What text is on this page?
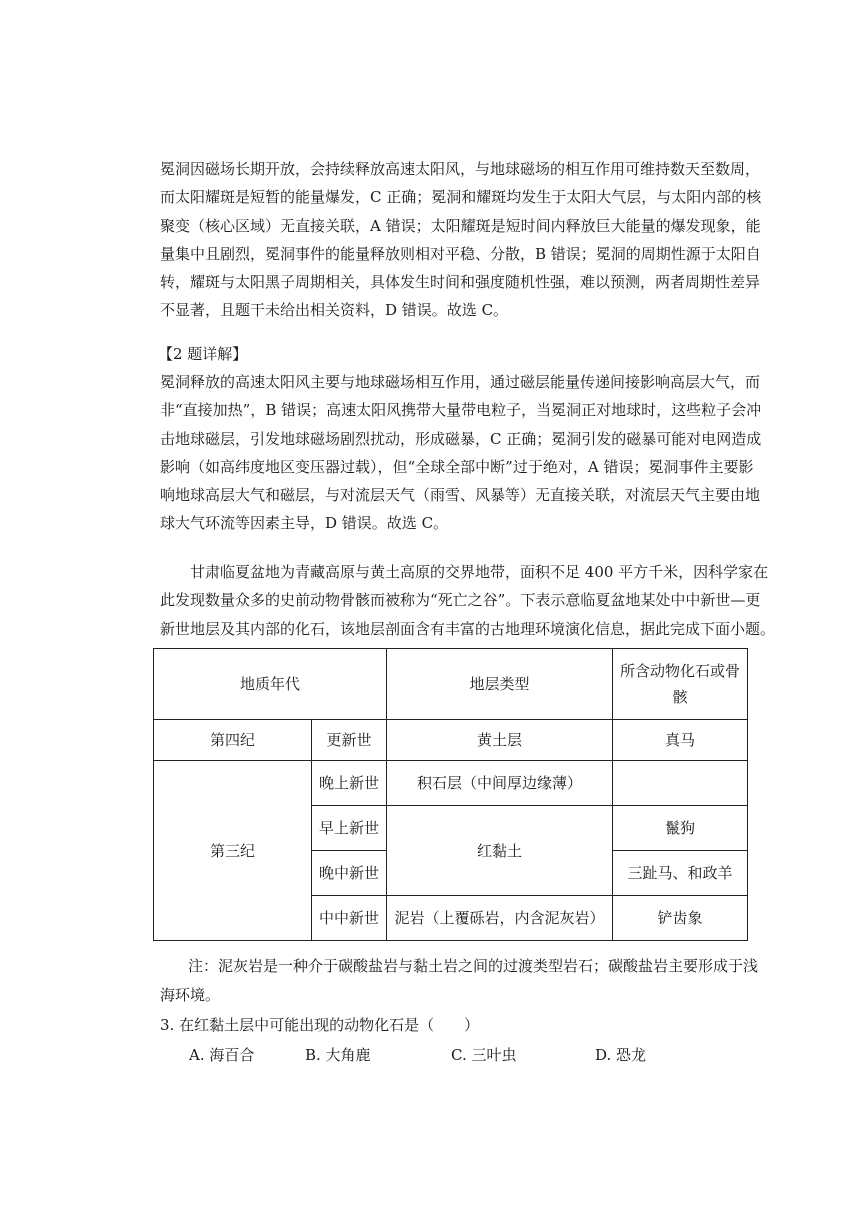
冕洞因磁场长期开放，会持续释放高速太阳风，与地球磁场的相互作用可维持数天至数周，
而太阳耀斑是短暂的能量爆发，C 正确；冕洞和耀斑均发生于太阳大气层，与太阳内部的核
聚变（核心区域）无直接关联，A 错误；太阳耀斑是短时间内释放巨大能量的爆发现象，能
量集中且剧烈，冕洞事件的能量释放则相对平稳、分散，B 错误；冕洞的周期性源于太阳自
转，耀斑与太阳黑子周期相关，具体发生时间和强度随机性强，难以预测，两者周期性差异
不显著，且题干未给出相关资料，D 错误。故选 C。

【2 题详解】

冕洞释放的高速太阳风主要与地球磁场相互作用，通过磁层能量传递间接影响高层大气，而
非“直接加热”，B 错误；高速太阳风携带大量带电粒子，当冕洞正对地球时，这些粒子会冲
击地球磁层，引发地球磁场剧烈扰动，形成磁暴，C 正确；冕洞引发的磁暴可能对电网造成
影响（如高纬度地区变压器过载），但“全球全部中断”过于绝对，A 错误；冕洞事件主要影
响地球高层大气和磁层，与对流层天气（雨雪、风暴等）无直接关联，对流层天气主要由地
球大气环流等因素主导，D 错误。故选 C。

甘肃临夏盆地为青藏高原与黄土高原的交界地带，面积不足 400 平方千米，因科学家在
此发现数量众多的史前动物骨骸而被称为“死亡之谷”。下表示意临夏盆地某处中中新世—更
新世地层及其内部的化石，该地层剖面含有丰富的古地理环境演化信息，据此完成下面小题。

地质年代		地层类型	所含动物化石或骨骸
第四纪	更新世	黄土层	真马
第三纪	晚上新世	积石层（中间厚边缘薄）	
	早上新世	红黏土	鬣狗
	晚中新世		三趾马、和政羊
	中中新世	泥岩（上覆砾岩，内含泥灰岩）	铲齿象
注：泥灰岩是一种介于碳酸盐岩与黏土岩之间的过渡类型岩石；碳酸盐岩主要形成于浅
海环境。
3. 在红黏土层中可能出现的动物化石是（　　）
A. 海百合	B. 大角鹿	C. 三叶虫	D. 恐龙
